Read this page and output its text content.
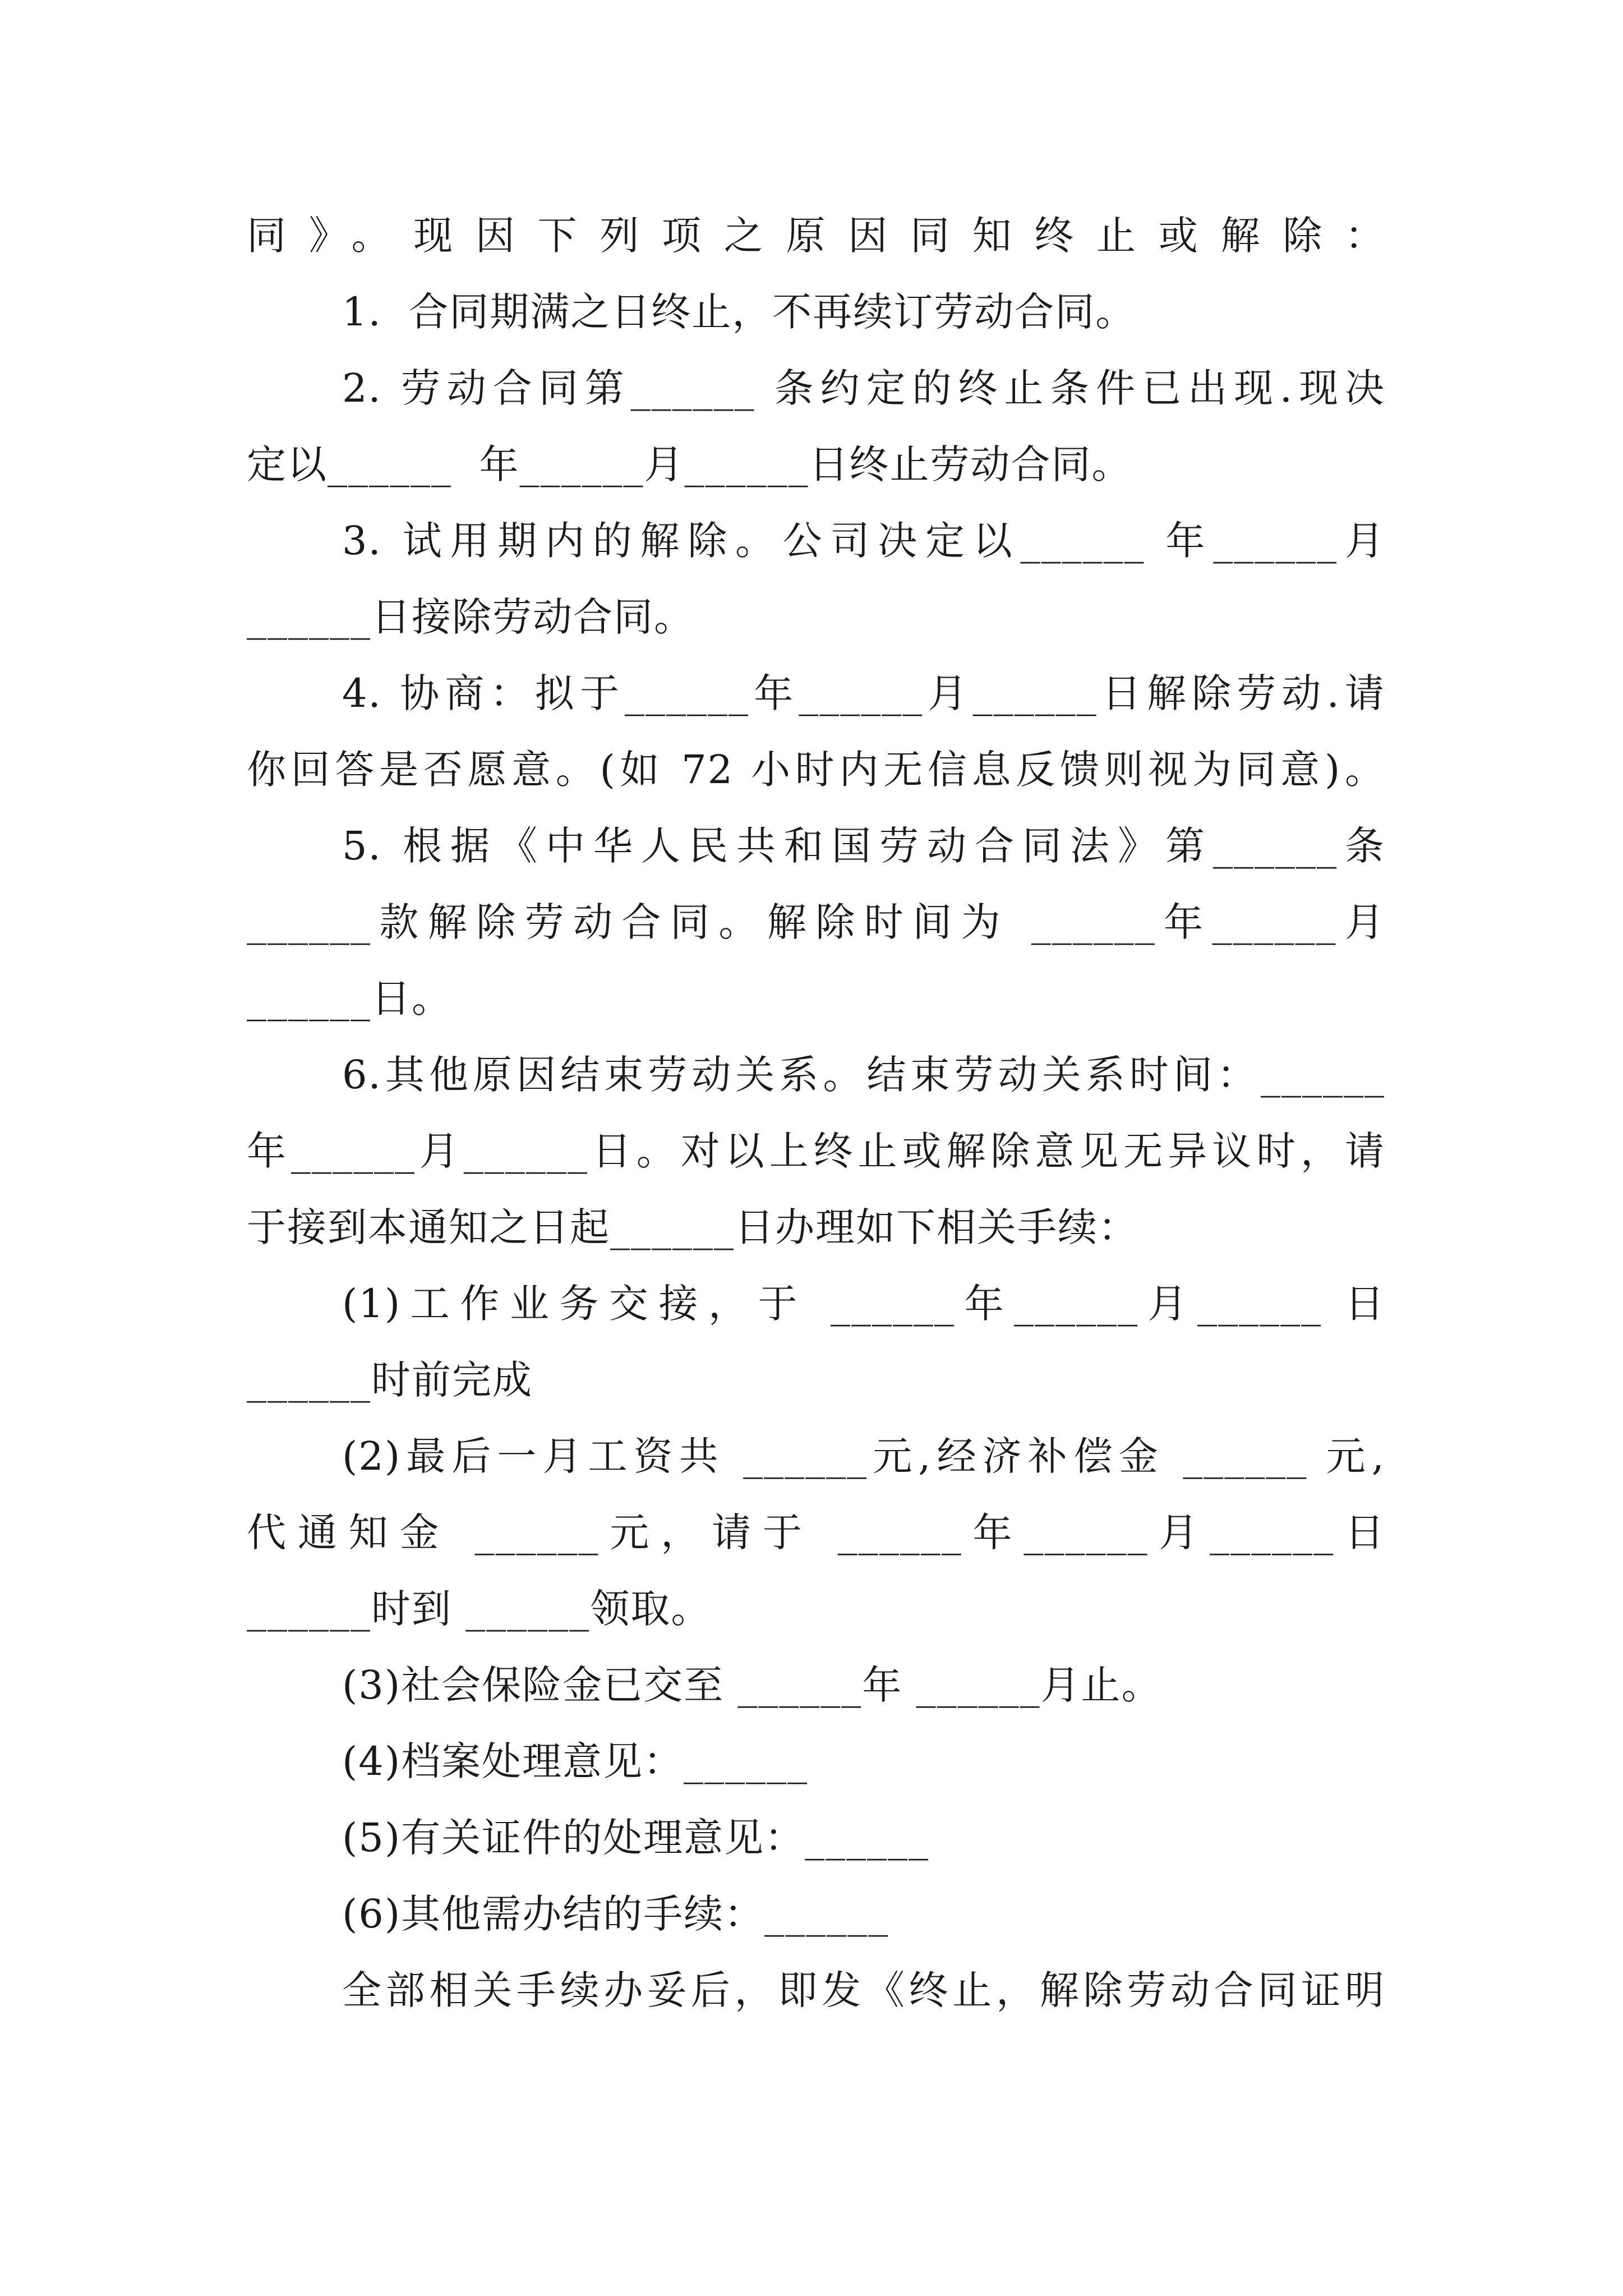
同》。现因下列项之原因同知终止或解除：
1.  合同期满之日终止，不再续订劳动合同。
2. 劳动合同第______ 条约定的终止条件已出现.现决
定以______  年______月______日终止劳动合同。
3. 试用期内的解除。公司决定以______ 年______月
______日接除劳动合同。
4. 协商：拟于______年______月______日解除劳动.请
你回答是否愿意。(如 72 小时内无信息反馈则视为同意)。
5. 根据《中华人民共和国劳动合同法》第______条
______款解除劳动合同。解除时间为 ______年______月
______日。
6.其他原因结束劳动关系。结束劳动关系时间：______
年______月______日。对以上终止或解除意见无异议时，请
于接到本通知之日起______日办理如下相关手续：
(1)工作业务交接，于 ______年______月______ 日
______时前完成
(2)最后一月工资共 ______元,经济补偿金 ______ 元,
代通知金 ______元，请于 ______年______月______日
______时到 ______领取。
(3)社会保险金已交至 ______年 ______月止。
(4)档案处理意见：______
(5)有关证件的处理意见：______
(6)其他需办结的手续：______
全部相关手续办妥后，即发《终止，解除劳动合同证明
